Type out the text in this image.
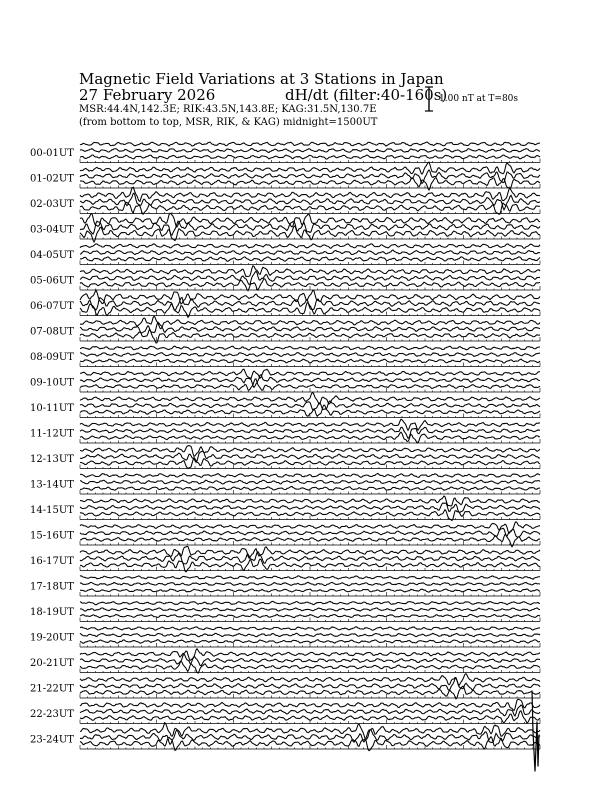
Magnetic Field Variations at 3 Stations in Japan
27 February 2026	dH/dt (filter:40-160s)
MSR:44.4N,142.3E; RIK:43.5N,143.8E; KAG:31.5N,130.7E
(from bottom to top, MSR, RIK, & KAG) midnight=1500UT
1.00 nT at T=80s
00-01UT
01-02UT
02-03UT
03-04UT
04-05UT
05-06UT
06-07UT
07-08UT
08-09UT
09-10UT
10-11UT
11-12UT
12-13UT
13-14UT
14-15UT
15-16UT
16-17UT
17-18UT
18-19UT
19-20UT
20-21UT
21-22UT
22-23UT
23-24UT
